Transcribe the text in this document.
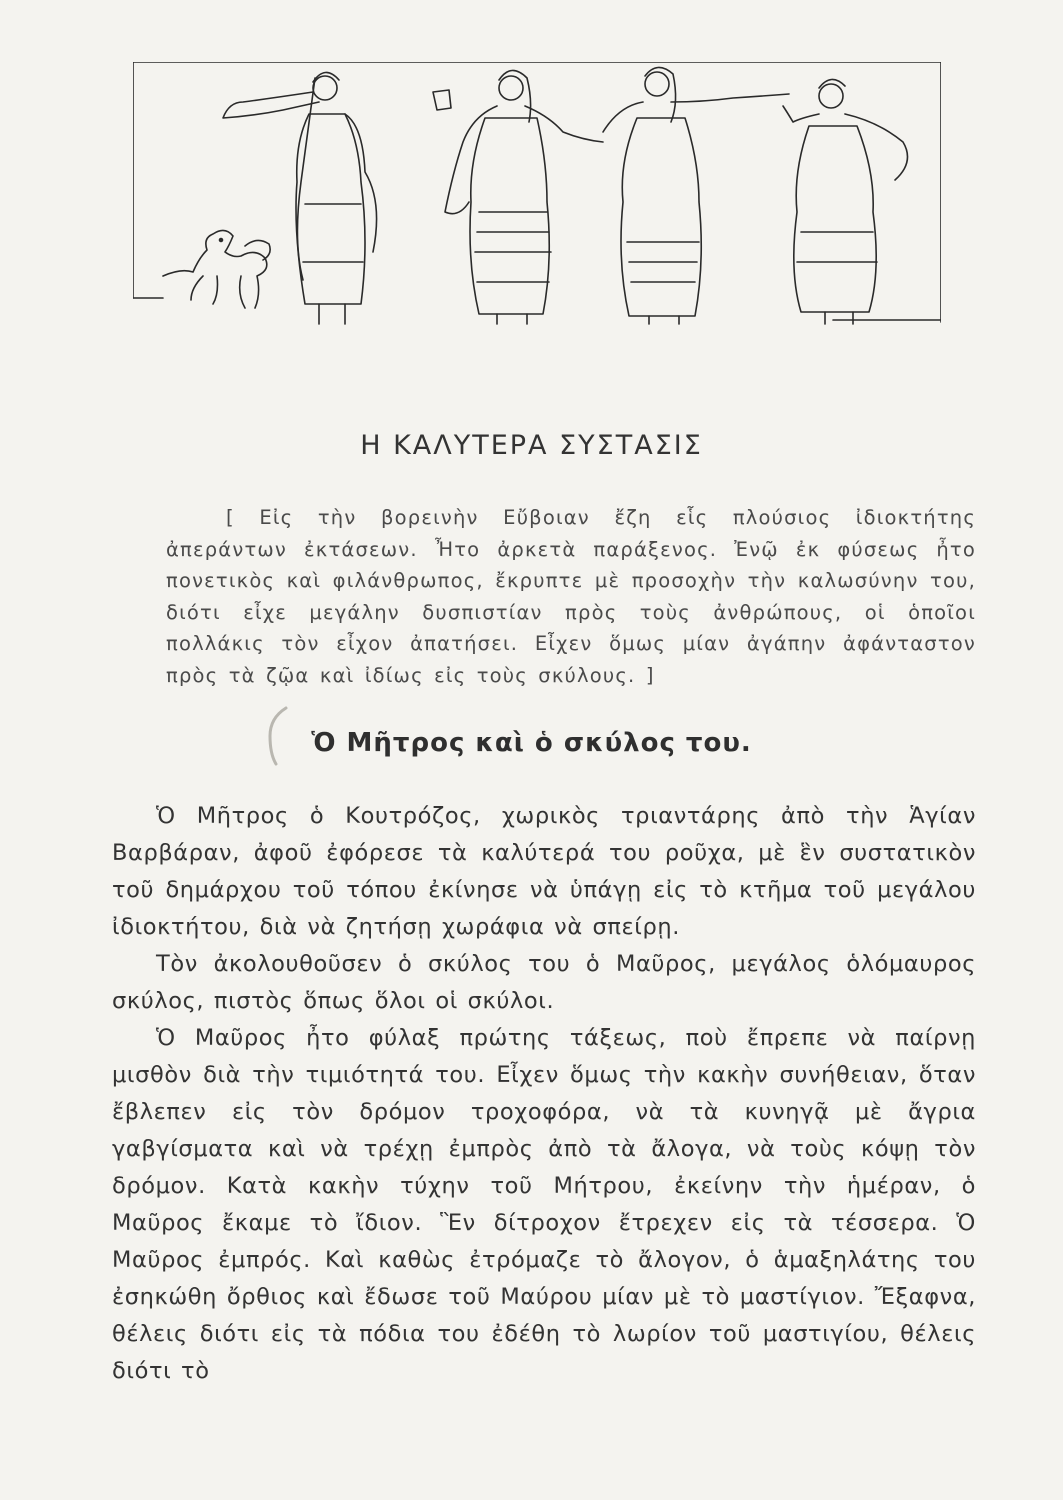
Η ΚΑΛΥΤΕΡΑ ΣΥΣΤΑΣΙΣ

[ Εἰς τὴν βορεινὴν Εὔβοιαν ἔζη εἷς πλούσιος ἰδιοκτήτης ἀπεράντων ἐκτάσεων. Ἦτο ἀρκετὰ παράξενος. Ἐνῷ ἐκ φύσεως ἦτο πονετικὸς καὶ φιλάνθρωπος, ἔκρυπτε μὲ προσοχὴν τὴν καλωσύνην του, διότι εἶχε μεγάλην δυσπιστίαν πρὸς τοὺς ἀνθρώπους, οἱ ὁποῖοι πολλάκις τὸν εἶχον ἀπατήσει. Εἶχεν ὅμως μίαν ἀγάπην ἀφάνταστον πρὸς τὰ ζῷα καὶ ἰδίως εἰς τοὺς σκύλους. ]

Ὁ Μῆτρος καὶ ὁ σκύλος του.

Ὁ Μῆτρος ὁ Κουτρόζος, χωρικὸς τριαντάρης ἀπὸ τὴν Ἁγίαν Βαρβάραν, ἀφοῦ ἐφόρεσε τὰ καλύτερά του ροῦχα, μὲ ἓν συστατικὸν τοῦ δημάρχου τοῦ τόπου ἐκίνησε νὰ ὑπάγῃ εἰς τὸ κτῆμα τοῦ μεγάλου ἰδιοκτήτου, διὰ νὰ ζητήσῃ χωράφια νὰ σπείρῃ.

Τὸν ἀκολουθοῦσεν ὁ σκύλος του ὁ Μαῦρος, μεγάλος ὁλόμαυρος σκύλος, πιστὸς ὅπως ὅλοι οἱ σκύλοι.

Ὁ Μαῦρος ἦτο φύλαξ πρώτης τάξεως, ποὺ ἔπρεπε νὰ παίρνῃ μισθὸν διὰ τὴν τιμιότητά του. Εἶχεν ὅμως τὴν κακὴν συνήθειαν, ὅταν ἔβλεπεν εἰς τὸν δρόμον τροχοφόρα, νὰ τὰ κυνηγᾷ μὲ ἄγρια γαβγίσματα καὶ νὰ τρέχῃ ἐμπρὸς ἀπὸ τὰ ἄλογα, νὰ τοὺς κόψῃ τὸν δρόμον. Κατὰ κακὴν τύχην τοῦ Μήτρου, ἐκείνην τὴν ἡμέραν, ὁ Μαῦρος ἔκαμε τὸ ἴδιον. Ἓν δίτροχον ἔτρεχεν εἰς τὰ τέσσερα. Ὁ Μαῦρος ἐμπρός. Καὶ καθὼς ἐτρόμαζε τὸ ἄλογον, ὁ ἁμαξηλάτης του ἐσηκώθη ὄρθιος καὶ ἔδωσε τοῦ Μαύρου μίαν μὲ τὸ μαστίγιον. Ἔξαφνα, θέλεις διότι εἰς τὰ πόδια του ἐδέθη τὸ λωρίον τοῦ μαστιγίου, θέλεις διότι τὸ
